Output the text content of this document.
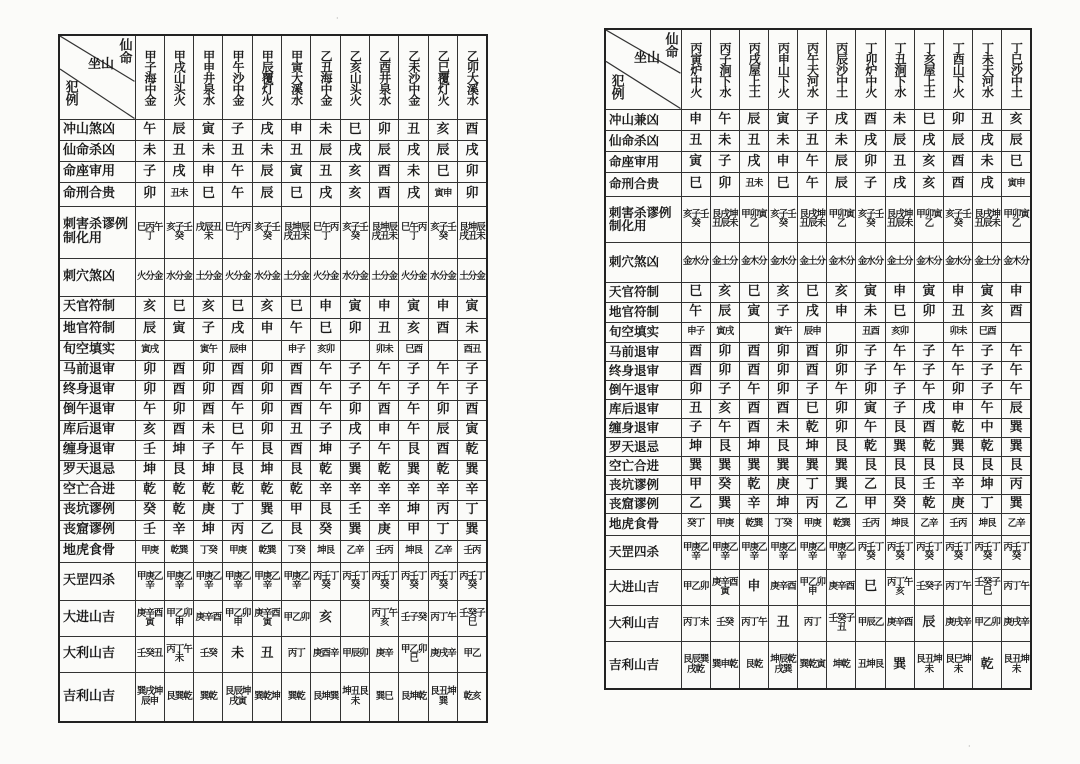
仙命
坐山
犯例	甲子海中金	甲戌山头火	甲申井泉水	甲午沙中金	甲辰覆灯火	甲寅大溪水	乙丑海中金	乙亥山头火	乙酉井泉水	乙未沙中金	乙巳覆灯火	乙卯大溪水
冲山煞凶	午	辰	寅	子	戌	申	未	巳	卯	丑	亥	酉
仙命杀凶	未	丑	未	丑	未	丑	辰	戌	辰	戌	辰	戌
命座审用	子	戌	申	午	辰	寅	丑	亥	酉	未	巳	卯
命刑合贵	卯	丑未	巳	午	辰	巳	戌	亥	酉	戌	寅申	卯
刺害杀谬例制化用	巳丙午丁	亥子壬癸	戌辰丑未	巳午丙丁	亥子壬癸	艮坤辰戌丑未	巳午丙丁	亥子壬癸	艮坤辰戌丑未	巳午丙丁	亥子壬癸	艮坤辰戌丑未
刺穴煞凶	火分金	水分金	土分金	火分金	水分金	土分金	火分金	水分金	土分金	火分金	水分金	土分金
天官符制	亥	巳	亥	巳	亥	巳	申	寅	申	寅	申	寅
地官符制	辰	寅	子	戌	申	午	巳	卯	丑	亥	酉	未
旬空填实	寅戌		寅午	辰申		申子	亥卯		卯未	巳酉		酉丑
马前退审	卯	酉	卯	酉	卯	酉	午	子	午	子	午	子
终身退审	卯	酉	卯	酉	卯	酉	午	子	午	子	午	子
倒午退审	午	卯	酉	午	卯	酉	午	卯	酉	午	卯	酉
库后退审	亥	酉	未	巳	卯	丑	子	戌	申	午	辰	寅
缠身退审	壬	坤	子	午	艮	酉	坤	子	午	艮	酉	乾
罗天退忌	坤	艮	坤	艮	坤	艮	乾	巽	乾	巽	乾	巽
空亡合进	乾	乾	乾	乾	乾	乾	辛	辛	辛	辛	辛	辛
丧坑谬例	癸	乾	庚	丁	巽	甲	艮	壬	辛	坤	丙	丁
丧窟谬例	壬	辛	坤	丙	乙	艮	癸	巽	庚	甲	丁	巽
地虎食骨	甲庚	乾巽	丁癸	甲庚	乾巽	丁癸	坤艮	乙辛	壬丙	坤艮	乙辛	壬丙
天罡四杀	甲庚乙辛	甲庚乙辛	甲庚乙辛	甲庚乙辛	甲庚乙辛	甲庚乙辛	丙壬丁癸	丙壬丁癸	丙壬丁癸	丙壬丁癸	丙壬丁癸	丙壬丁癸
大进山吉	庚辛酉寅	甲乙卯申	庚辛酉	甲乙卯申	庚辛酉寅	甲乙卯	亥		丙丁午亥	壬子癸	丙丁午	壬癸子巳
大利山吉	壬癸丑	丙丁午未	壬癸	未	丑	丙丁	庚酉辛	甲辰卯	庚辛	甲乙卯巳	庚戌辛	甲乙
吉利山吉	巽戌坤辰申	艮巽乾	巽乾	艮辰坤戌寅	巽乾坤	巽乾	艮坤巽	坤丑艮未	巽巳	艮坤乾	艮丑坤巽	乾亥
仙命
坐山
犯例	丙寅炉中火	丙子涧下水	丙戌屋上土	丙申山下火	丙午天河水	丙辰沙中土	丁卯炉中火	丁丑涧下水	丁亥屋上土	丁酉山下火	丁未天河水	丁巳沙中土
冲山兼凶	申	午	辰	寅	子	戌	酉	未	巳	卯	丑	亥
仙命杀凶	丑	未	丑	未	丑	未	戌	辰	戌	辰	戌	辰
命座审用	寅	子	戌	申	午	辰	卯	丑	亥	酉	未	巳
命刑合贵	巳	卯	丑未	巳	午	辰	子	戌	亥	酉	戌	寅申
刺害杀谬例制化用	亥子壬癸	艮戌坤丑辰未	甲卯寅乙	亥子壬癸	艮戌坤丑辰未	甲卯寅乙	亥子壬癸	艮戌坤丑辰未	甲卯寅乙	亥子壬癸	艮戌坤丑辰未	甲卯寅乙
刺穴煞凶	金水分	金土分	金木分	金水分	金土分	金木分	金水分	金土分	金木分	金水分	金土分	金木分
天官符制	巳	亥	巳	亥	巳	亥	寅	申	寅	申	寅	申
地官符制	午	辰	寅	子	戌	申	未	巳	卯	丑	亥	酉
旬空填实	申子	寅戌		寅午	辰申		丑酉	亥卯		卯未	巳酉	
马前退审	酉	卯	酉	卯	酉	卯	子	午	子	午	子	午
终身退审	酉	卯	酉	卯	酉	卯	子	午	子	午	子	午
倒午退审	卯	子	午	卯	子	午	卯	子	午	卯	子	午
库后退审	丑	亥	酉	酉	巳	卯	寅	子	戌	申	午	辰
缠身退审	子	午	酉	未	乾	卯	午	艮	酉	乾	中	巽
罗天退忌	坤	艮	坤	艮	坤	艮	乾	巽	乾	巽	乾	巽
空亡合进	巽	巽	巽	巽	巽	巽	艮	艮	艮	艮	艮	艮
丧坑谬例	甲	癸	乾	庚	丁	巽	乙	艮	壬	辛	坤	丙
丧窟谬例	乙	巽	辛	坤	丙	乙	甲	癸	乾	庚	丁	巽
地虎食骨	癸丁	甲庚	乾巽	丁癸	甲庚	乾巽	壬丙	坤艮	乙辛	壬丙	坤艮	乙辛
天罡四杀	甲庚乙辛	甲庚乙辛	甲庚乙辛	甲庚乙辛	甲庚乙辛	甲庚乙辛	丙壬丁癸	丙壬丁癸	丙壬丁癸	丙壬丁癸	丙壬丁癸	丙壬丁癸
大进山吉	甲乙卯	庚辛酉寅	申	庚辛酉	甲乙卯申	庚辛酉	巳	丙丁午亥	壬癸子	丙丁午	壬癸子巳	丙丁午
大利山吉	丙丁未	壬癸	丙丁午	丑	丙丁	壬癸子丑	甲辰乙	庚辛酉	辰	庚戌辛	甲乙卯	庚戌辛
吉利山吉	艮辰巽戌乾	巽申乾	艮乾	坤辰乾戌巽	巽乾寅	坤乾	丑坤艮	巽	艮丑坤未	艮巳坤未	乾	艮丑坤未
·
·
